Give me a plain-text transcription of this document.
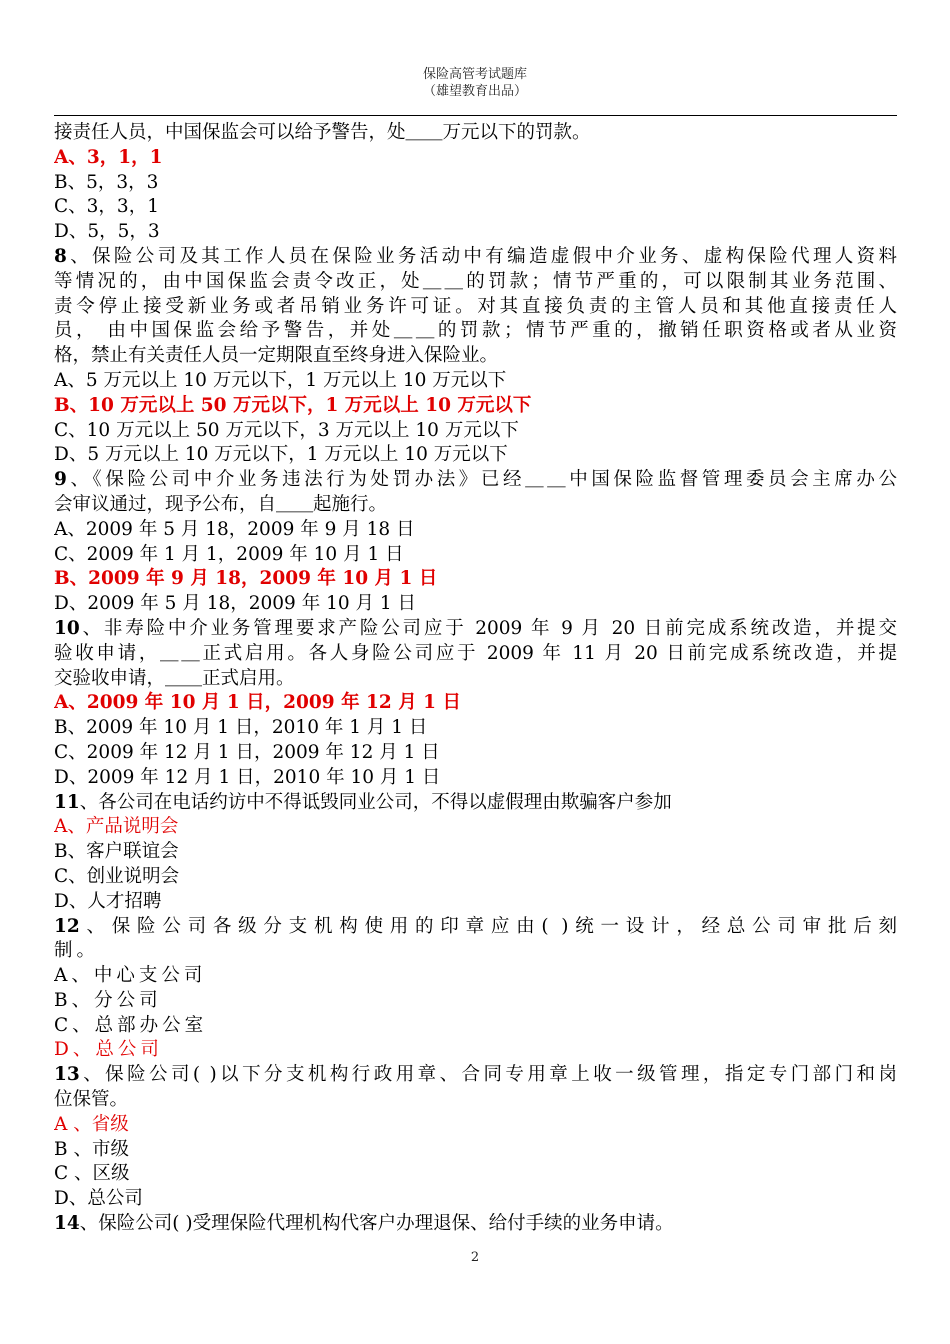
保险高管考试题库
（雄望教育出品）
接责任人员，中国保监会可以给予警告，处＿＿万元以下的罚款。
A、3，1，1
B、5，3，3
C、3，3，1
D、5，5，3
8、保险公司及其工作人员在保险业务活动中有编造虚假中介业务、虚构保险代理人资料
等情况的，由中国保监会责令改正，处＿＿的罚款；情节严重的，可以限制其业务范围、
责令停止接受新业务或者吊销业务许可证。对其直接负责的主管人员和其他直接责任人
员， 由中国保监会给予警告，并处＿＿的罚款；情节严重的，撤销任职资格或者从业资
格，禁止有关责任人员一定期限直至终身进入保险业。
A、5 万元以上 10 万元以下，1 万元以上 10 万元以下
B、10 万元以上 50 万元以下，1 万元以上 10 万元以下
C、10 万元以上 50 万元以下，3 万元以上 10 万元以下
D、5 万元以上 10 万元以下，1 万元以上 10 万元以下
9、《保险公司中介业务违法行为处罚办法》已经＿＿中国保险监督管理委员会主席办公
会审议通过，现予公布，自＿＿起施行。
A、2009 年 5 月 18，2009 年 9 月 18 日
C、2009 年 1 月 1，2009 年 10 月 1 日
B、2009 年 9 月 18，2009 年 10 月 1 日
D、2009 年 5 月 18，2009 年 10 月 1 日
10、非寿险中介业务管理要求产险公司应于 2009 年 9 月 20 日前完成系统改造，并提交
验收申请，＿＿正式启用。各人身险公司应于 2009 年 11 月 20 日前完成系统改造，并提
交验收申请，＿＿正式启用。
A、2009 年 10 月 1 日，2009 年 12 月 1 日
B、2009 年 10 月 1 日，2010 年 1 月 1 日
C、2009 年 12 月 1 日，2009 年 12 月 1 日
D、2009 年 12 月 1 日，2010 年 10 月 1 日
11、各公司在电话约访中不得诋毁同业公司，不得以虚假理由欺骗客户参加
A、产品说明会
B、客户联谊会
C、创业说明会
D、人才招聘
12、保险公司各级分支机构使用的印章应由( )统一设计，经总公司审批后刻
制。
A、中心支公司
B、分公司
C、总部办公室
D、总公司
13、保险公司( )以下分支机构行政用章、合同专用章上收一级管理，指定专门部门和岗
位保管。
A 、省级
B 、市级
C 、区级
D、总公司
14、保险公司( )受理保险代理机构代客户办理退保、给付手续的业务申请。
2
